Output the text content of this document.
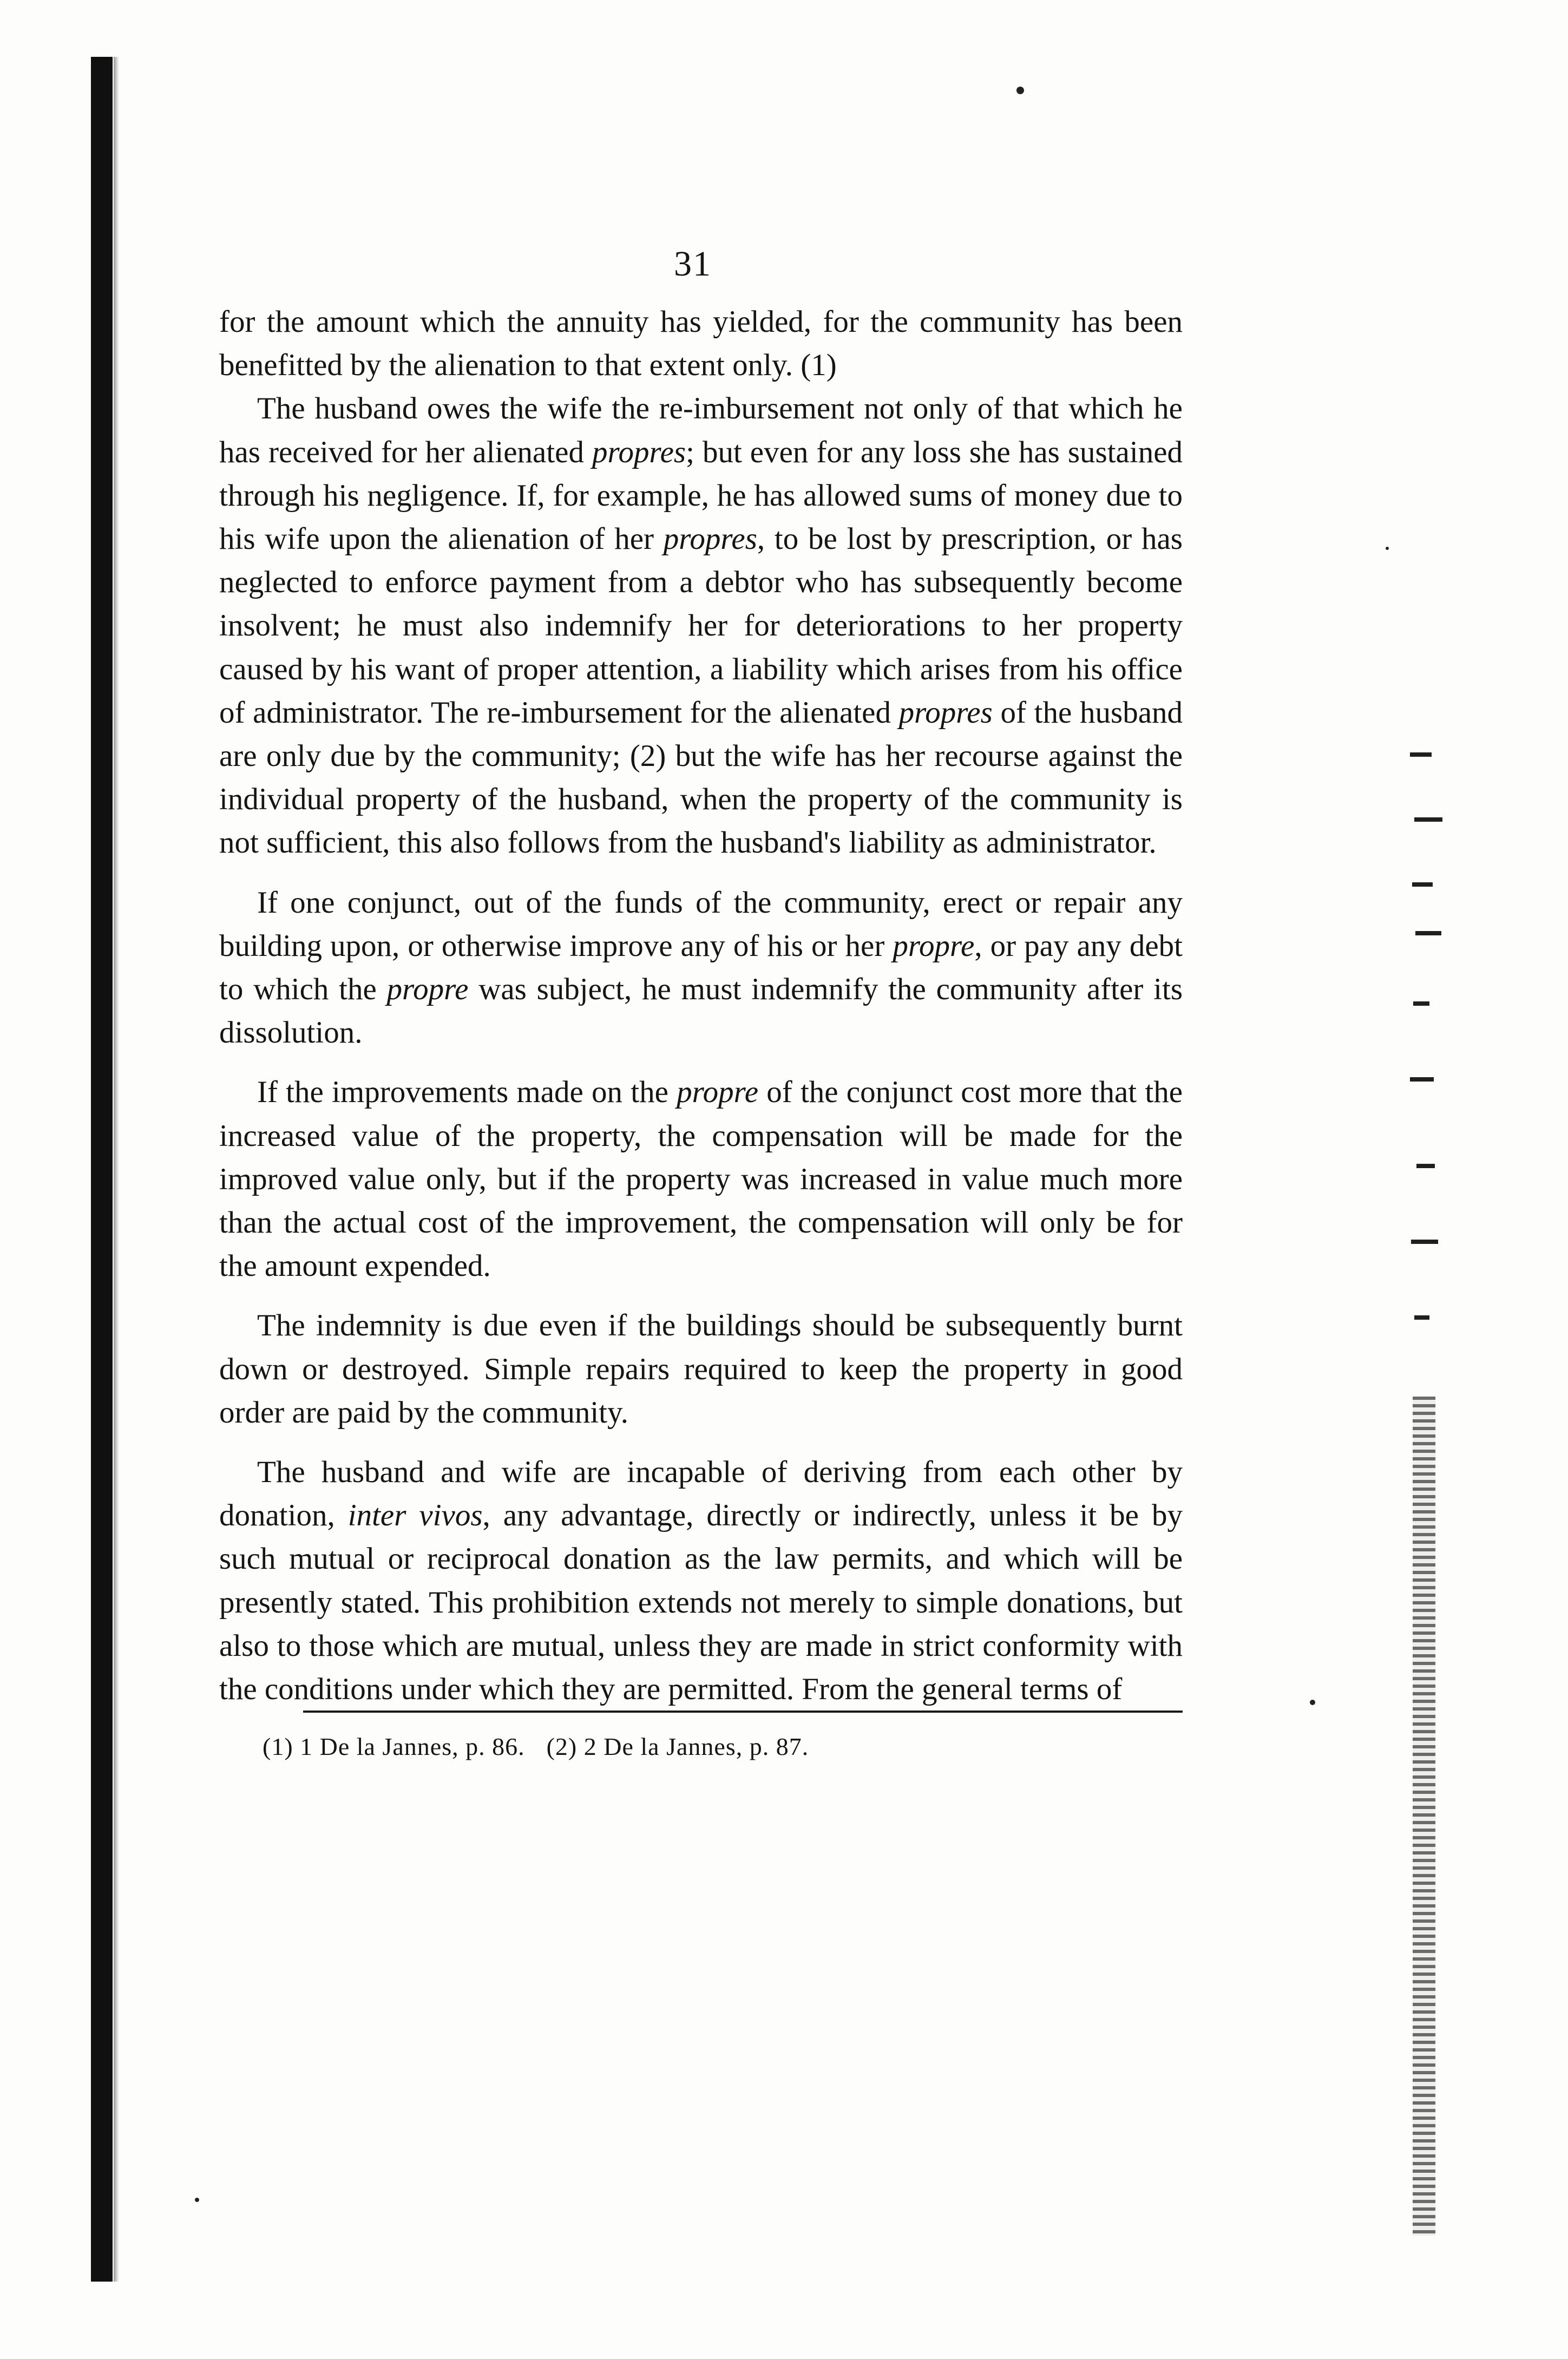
31

for the amount which the annuity has yielded, for the community has been benefitted by the alienation to that extent only. (1)

The husband owes the wife the re-imbursement not only of that which he has received for her alienated propres; but even for any loss she has sustained through his negligence. If, for example, he has allowed sums of money due to his wife upon the alienation of her propres, to be lost by prescription, or has neglected to enforce payment from a debtor who has subsequently become insolvent; he must also indemnify her for deteriorations to her property caused by his want of proper attention, a liability which arises from his office of administrator. The re-imbursement for the alienated propres of the husband are only due by the community; (2) but the wife has her recourse against the individual property of the husband, when the property of the community is not sufficient, this also follows from the husband's liability as administrator.

If one conjunct, out of the funds of the community, erect or repair any building upon, or otherwise improve any of his or her propre, or pay any debt to which the propre was subject, he must indemnify the community after its dissolution.

If the improvements made on the propre of the conjunct cost more that the increased value of the property, the compensation will be made for the improved value only, but if the property was increased in value much more than the actual cost of the improvement, the compensation will only be for the amount expended.

The indemnity is due even if the buildings should be subsequently burnt down or destroyed. Simple repairs required to keep the property in good order are paid by the community.

The husband and wife are incapable of deriving from each other by donation, inter vivos, any advantage, directly or indirectly, unless it be by such mutual or reciprocal donation as the law permits, and which will be presently stated. This prohibition extends not merely to simple donations, but also to those which are mutual, unless they are made in strict conformity with the conditions under which they are permitted. From the general terms of

(1) 1 De la Jannes, p. 86. (2) 2 De la Jannes, p. 87.
